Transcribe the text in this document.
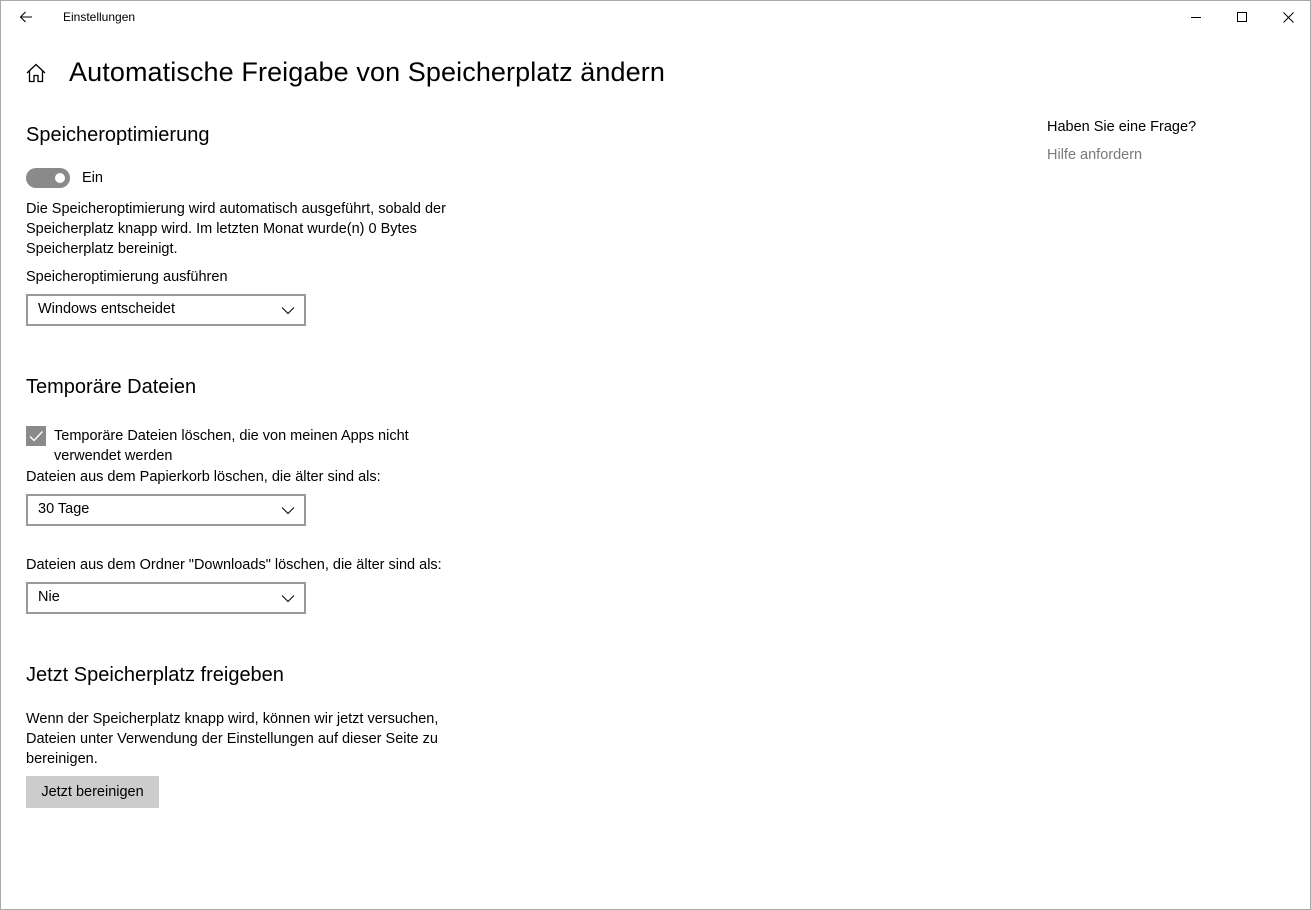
Einstellungen
Automatische Freigabe von Speicherplatz ändern
Speicheroptimierung
Ein
Die Speicheroptimierung wird automatisch ausgeführt, sobald der Speicherplatz knapp wird. Im letzten Monat wurde(n) 0 Bytes Speicherplatz bereinigt.
Speicheroptimierung ausführen
Windows entscheidet
Temporäre Dateien
Temporäre Dateien löschen, die von meinen Apps nicht verwendet werden
Dateien aus dem Papierkorb löschen, die älter sind als:
30 Tage
Dateien aus dem Ordner "Downloads" löschen, die älter sind als:
Nie
Jetzt Speicherplatz freigeben
Wenn der Speicherplatz knapp wird, können wir jetzt versuchen, Dateien unter Verwendung der Einstellungen auf dieser Seite zu bereinigen.
Jetzt bereinigen
Haben Sie eine Frage?
Hilfe anfordern
